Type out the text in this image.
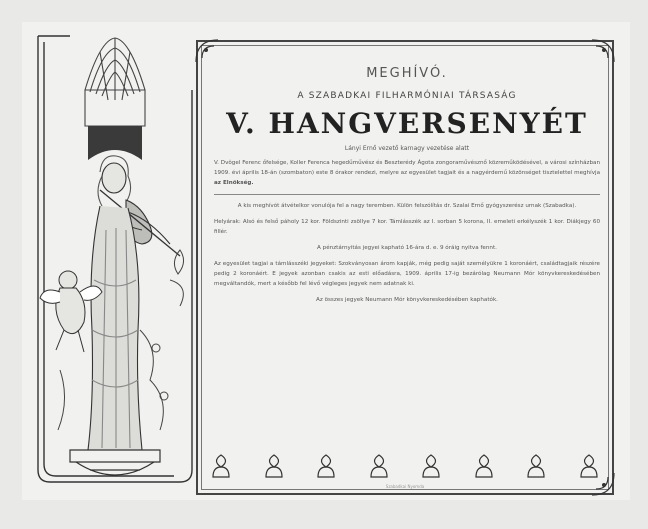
MEGHÍVÓ.
A SZABADKAI FILHARMÓNIAI TÁRSASÁG
V. HANGVERSENYÉT
Lányi Ernő vezető karnagy vezetése alatt
V. Dvôgel Ferenc őfelsége, Koller Ferenca hegedűművész és Beszterédy Ágota zongoraművésznő közreműködésével, a városi színházban 1909. évi április 18-án (szombaton) este 8 órakor rendezi, melyre az egyesület tagjait és a nagyérdemű közönséget tisztelettel meghívja az Elnökség.
A kis meghívót átvételkor vonulója fel a nagy teremben. Külön felszólítás dr. Szalai Ernő gyógyszerész urnak (Szabadka).
Helyárak: Alsó és felső páholy 12 kor. Földszinti zsöllye 7 kor. Támlásszék az I. sorban 5 korona, II. emeleti erkélyszék 1 kor. Diákjegy 60 fillér.
A pénztárnyitás jegyei kapható 16-ára d. e. 9 óráig nyitva fennt.
Az egyesület tagjai a támlásszéki jegyeket: Szokványosan árom kapják, még pedig saját személyükre 1 koronáért, családtagjaik részére pedig 2 koronáért. E jegyek azonban csakis az esti előadásra, 1909. április 17-ig bezárólag Neumann Mór könyvkereskedésében megváltandók, mert a később fel lévő végleges jegyek nem adatnak ki.
Az összes jegyek Neumann Mór könyvkereskedésében kaphatók.
Szabadkai Nyomda
